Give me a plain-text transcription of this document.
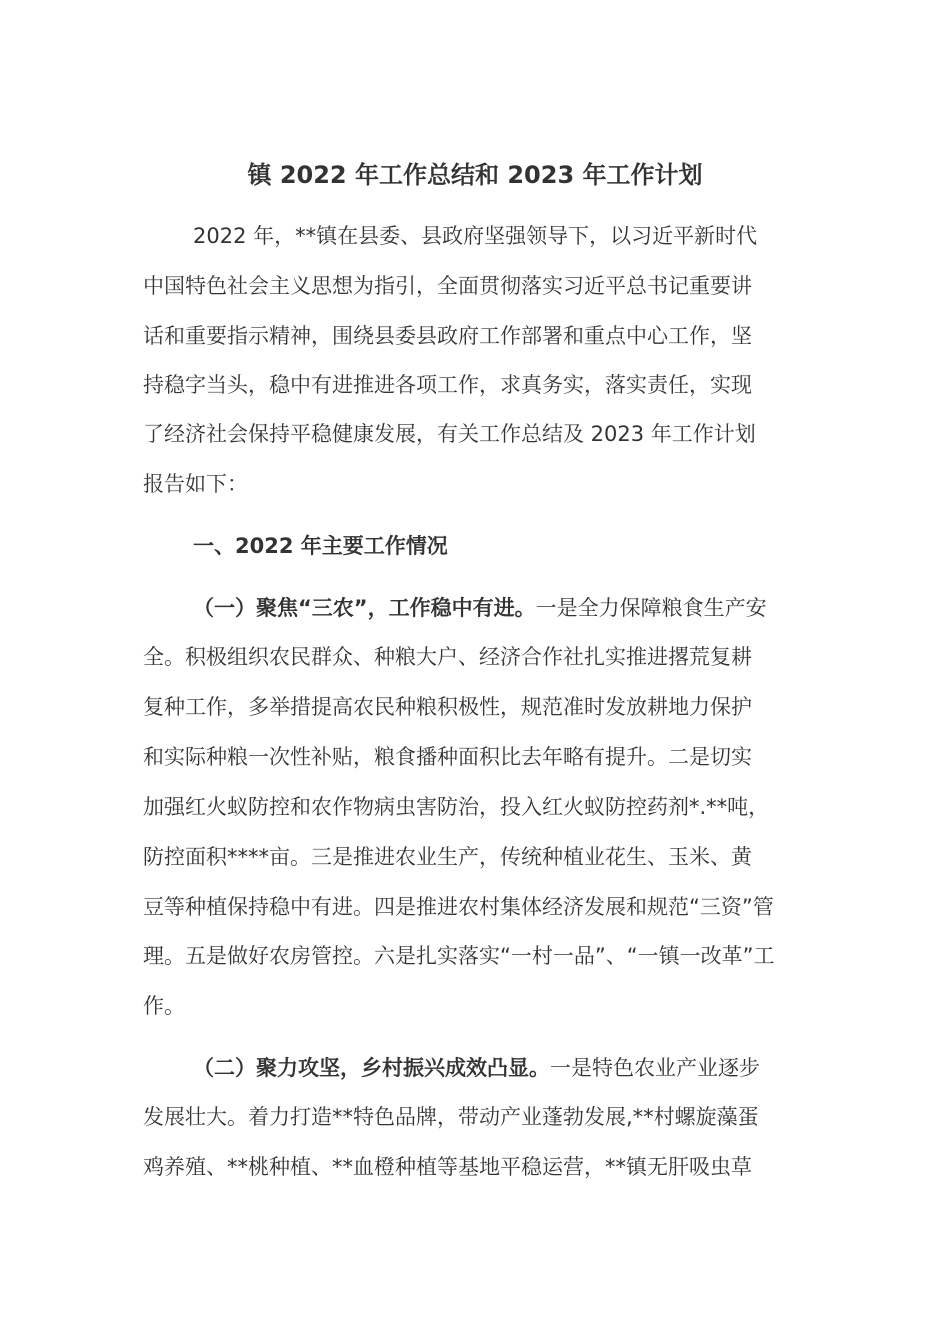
镇 2022 年工作总结和 2023 年工作计划

2022 年，**镇在县委、县政府坚强领导下，以习近平新时代

中国特色社会主义思想为指引，全面贯彻落实习近平总书记重要讲

话和重要指示精神，围绕县委县政府工作部署和重点中心工作，坚

持稳字当头，稳中有进推进各项工作，求真务实，落实责任，实现

了经济社会保持平稳健康发展，有关工作总结及 2023 年工作计划

报告如下：

一、2022 年主要工作情况

（一）聚焦“三农”，工作稳中有进。一是全力保障粮食生产安

全。积极组织农民群众、种粮大户、经济合作社扎实推进撂荒复耕

复种工作，多举措提高农民种粮积极性，规范准时发放耕地力保护

和实际种粮一次性补贴，粮食播种面积比去年略有提升。二是切实

加强红火蚁防控和农作物病虫害防治，投入红火蚁防控药剂*.**吨，

防控面积****亩。三是推进农业生产，传统种植业花生、玉米、黄

豆等种植保持稳中有进。四是推进农村集体经济发展和规范“三资”管

理。五是做好农房管控。六是扎实落实“一村一品”、“一镇一改革”工

作。

（二）聚力攻坚，乡村振兴成效凸显。一是特色农业产业逐步

发展壮大。着力打造**特色品牌，带动产业蓬勃发展,**村螺旋藻蛋

鸡养殖、**桃种植、**血橙种植等基地平稳运营，**镇无肝吸虫草
